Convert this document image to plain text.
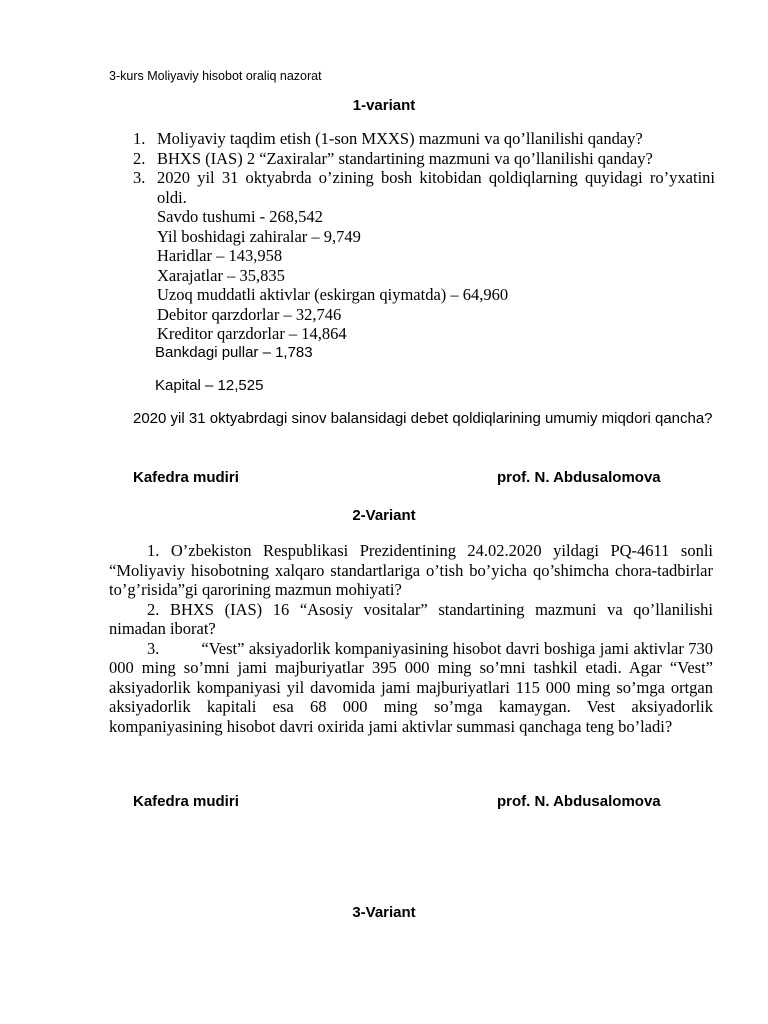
3-kurs Moliyaviy hisobot oraliq nazorat
1-variant
1. Moliyaviy taqdim etish (1-son MXXS) mazmuni va qo’llanilishi qanday?
2. BHXS (IAS) 2 “Zaxiralar” standartining mazmuni va qo’llanilishi qanday?
3. 2020 yil 31 oktyabrda o’zining bosh kitobidan qoldiqlarning quyidagi ro’yxatini oldi.
Savdo tushumi - 268,542
Yil boshidagi zahiralar – 9,749
Haridlar – 143,958
Xarajatlar – 35,835
Uzoq muddatli aktivlar (eskirgan qiymatda) – 64,960
Debitor qarzdorlar – 32,746
Kreditor qarzdorlar – 14,864
Bankdagi pullar – 1,783
Kapital – 12,525
2020 yil 31 oktyabrdagi sinov balansidagi debet qoldiqlarining umumiy miqdori qancha?
Kafedra mudiri	prof. N. Abdusalomova
2-Variant

1. O’zbekiston Respublikasi Prezidentining 24.02.2020 yildagi PQ-4611 sonli “Moliyaviy hisobotning xalqaro standartlariga o’tish bo’yicha qo’shimcha chora-tadbirlar to’g’risida”gi qarorining mazmun mohiyati?

2. BHXS (IAS) 16 “Asosiy vositalar” standartining mazmuni va qo’llanilishi nimadan iborat?

3.	“Vest” aksiyadorlik kompaniyasining hisobot davri boshiga jami aktivlar 730 000 ming so’mni jami majburiyatlar 395 000 ming so’mni tashkil etadi. Agar “Vest” aksiyadorlik kompaniyasi yil davomida jami majburiyatlari 115 000 ming so’mga ortgan aksiyadorlik kapitali esa 68 000 ming so’mga kamaygan. Vest aksiyadorlik kompaniyasining hisobot davri oxirida jami aktivlar summasi qanchaga teng bo’ladi?

Kafedra mudiri	prof. N. Abdusalomova
3-Variant
